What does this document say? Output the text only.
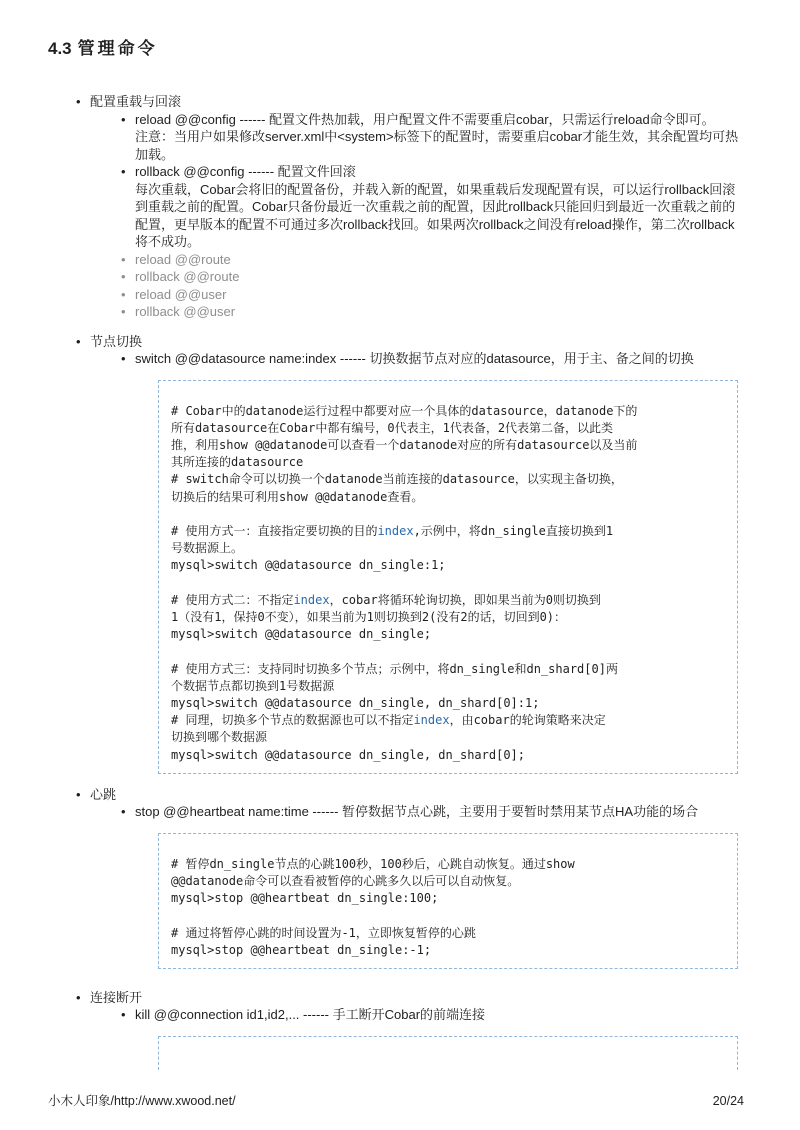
4.3 管理命令
• 配置重载与回滚
• reload @@config ------ 配置文件热加载，用户配置文件不需要重启cobar，只需运行reload命令即可。
注意：当用户如果修改server.xml中<system>标签下的配置时，需要重启cobar才能生效，其余配置均可热加载。
• rollback @@config ------ 配置文件回滚
每次重载，Cobar会将旧的配置备份，并载入新的配置，如果重载后发现配置有误，可以运行rollback回滚到重载之前的配置。Cobar只备份最近一次重载之前的配置，因此rollback只能回归到最近一次重载之前的配置，更早版本的配置不可通过多次rollback找回。如果两次rollback之间没有reload操作，第二次rollback将不成功。
• reload @@route
• rollback @@route
• reload @@user
• rollback @@user
• 节点切换
• switch @@datasource name:index ------ 切换数据节点对应的datasource，用于主、备之间的切换
# Cobar中的datanode运行过程中都要对应一个具体的datasource，datanode下的
所有datasource在Cobar中都有编号，0代表主，1代表备，2代表第二备，以此类
推，利用show @@datanode可以查看一个datanode对应的所有datasource以及当前
其所连接的datasource
# switch命令可以切换一个datanode当前连接的datasource，以实现主备切换，
切换后的结果可利用show @@datanode查看。

# 使用方式一：直接指定要切换的目的index,示例中，将dn_single直接切换到1
号数据源上。
mysql>switch @@datasource dn_single:1;

# 使用方式二：不指定index，cobar将循环轮询切换，即如果当前为0则切换到
1（没有1，保持0不变），如果当前为1则切换到2(没有2的话，切回到0)：
mysql>switch @@datasource dn_single;

# 使用方式三：支持同时切换多个节点；示例中，将dn_single和dn_shard[0]两
个数据节点都切换到1号数据源
mysql>switch @@datasource dn_single, dn_shard[0]:1;
# 同理，切换多个节点的数据源也可以不指定index，由cobar的轮询策略来决定
切换到哪个数据源
mysql>switch @@datasource dn_single, dn_shard[0];
• 心跳
• stop @@heartbeat name:time ------ 暂停数据节点心跳，主要用于要暂时禁用某节点HA功能的场合
# 暂停dn_single节点的心跳100秒，100秒后，心跳自动恢复。通过show
@@datanode命令可以查看被暂停的心跳多久以后可以自动恢复。
mysql>stop @@heartbeat dn_single:100;

# 通过将暂停心跳的时间设置为-1，立即恢复暂停的心跳
mysql>stop @@heartbeat dn_single:-1;
• 连接断开
• kill @@connection id1,id2,... ------ 手工断开Cobar的前端连接
小木人印象/http://www.xwood.net/	20/24
